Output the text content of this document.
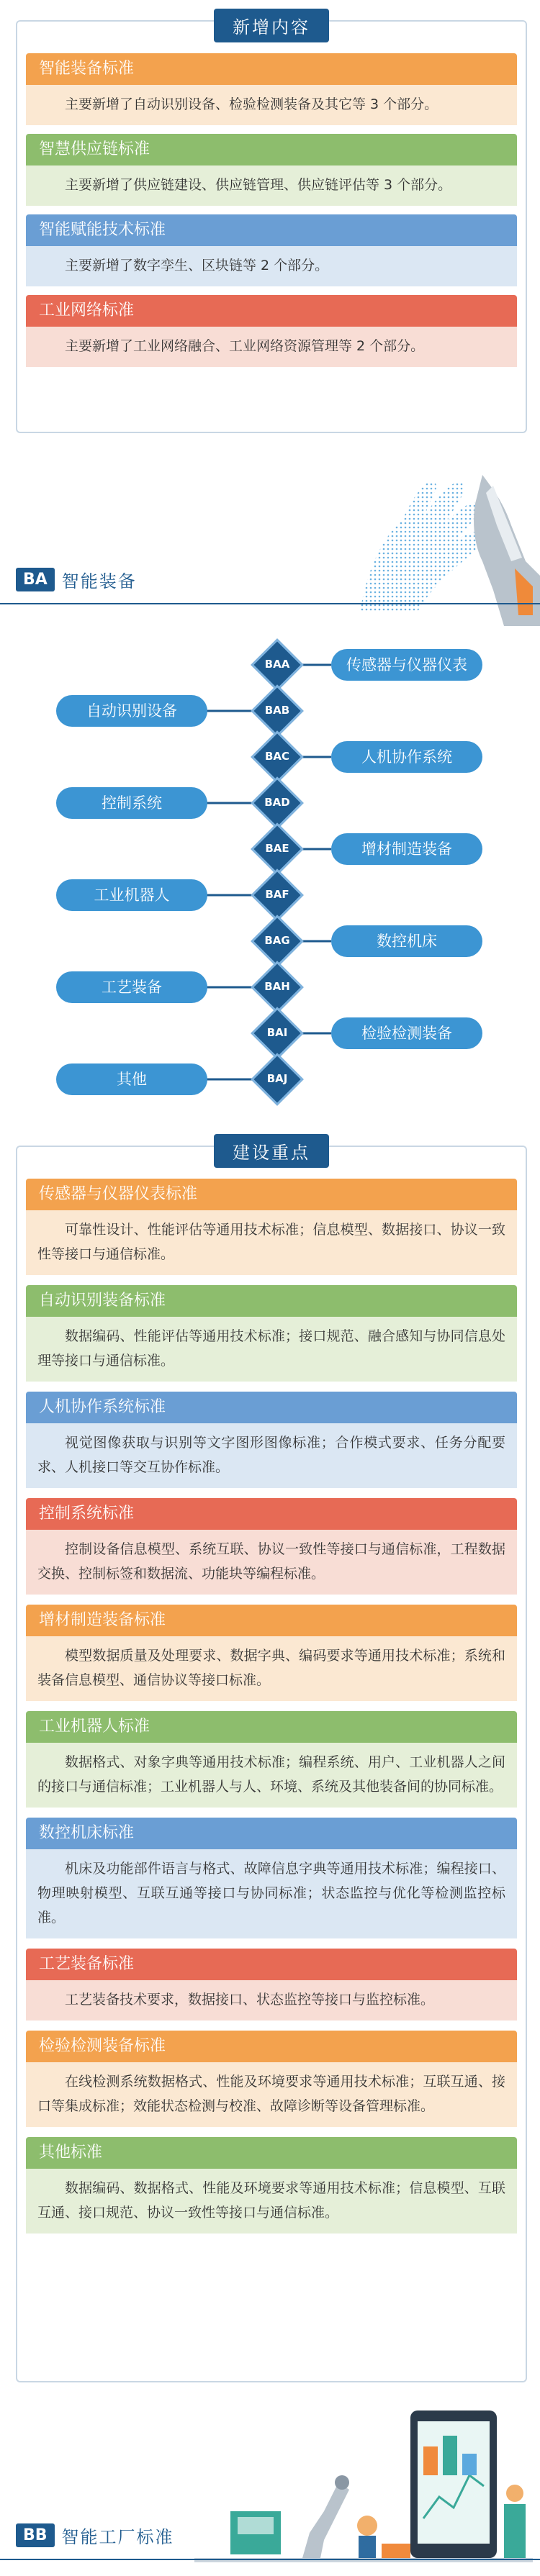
新增内容
智能装备标准
主要新增了自动识别设备、检验检测装备及其它等 3 个部分。
智慧供应链标准
主要新增了供应链建设、供应链管理、供应链评估等 3 个部分。
智能赋能技术标准
主要新增了数字孪生、区块链等 2 个部分。
工业网络标准
主要新增了工业网络融合、工业网络资源管理等 2 个部分。
BA 智能装备
BAA
BAB
BAC
BAD
BAE
BAF
BAG
BAH
BAI
BAJ
传感器与仪器仪表
人机协作系统
增材制造装备
数控机床
检验检测装备
自动识别设备
控制系统
工业机器人
工艺装备
其他
建设重点
传感器与仪器仪表标准
可靠性设计、性能评估等通用技术标准；信息模型、数据接口、协议一致性等接口与通信标准。
自动识别装备标准
数据编码、性能评估等通用技术标准；接口规范、融合感知与协同信息处理等接口与通信标准。
人机协作系统标准
视觉图像获取与识别等文字图形图像标准；合作模式要求、任务分配要求、人机接口等交互协作标准。
控制系统标准
控制设备信息模型、系统互联、协议一致性等接口与通信标准，工程数据交换、控制标签和数据流、功能块等编程标准。
增材制造装备标准
模型数据质量及处理要求、数据字典、编码要求等通用技术标准；系统和装备信息模型、通信协议等接口标准。
工业机器人标准
数据格式、对象字典等通用技术标准；编程系统、用户、工业机器人之间的接口与通信标准；工业机器人与人、环境、系统及其他装备间的协同标准。
数控机床标准
机床及功能部件语言与格式、故障信息字典等通用技术标准；编程接口、物理映射模型、互联互通等接口与协同标准；状态监控与优化等检测监控标准。
工艺装备标准
工艺装备技术要求，数据接口、状态监控等接口与监控标准。
检验检测装备标准
在线检测系统数据格式、性能及环境要求等通用技术标准；互联互通、接口等集成标准；效能状态检测与校准、故障诊断等设备管理标准。
其他标准
数据编码、数据格式、性能及环境要求等通用技术标准；信息模型、互联互通、接口规范、协议一致性等接口与通信标准。
BB 智能工厂标准
